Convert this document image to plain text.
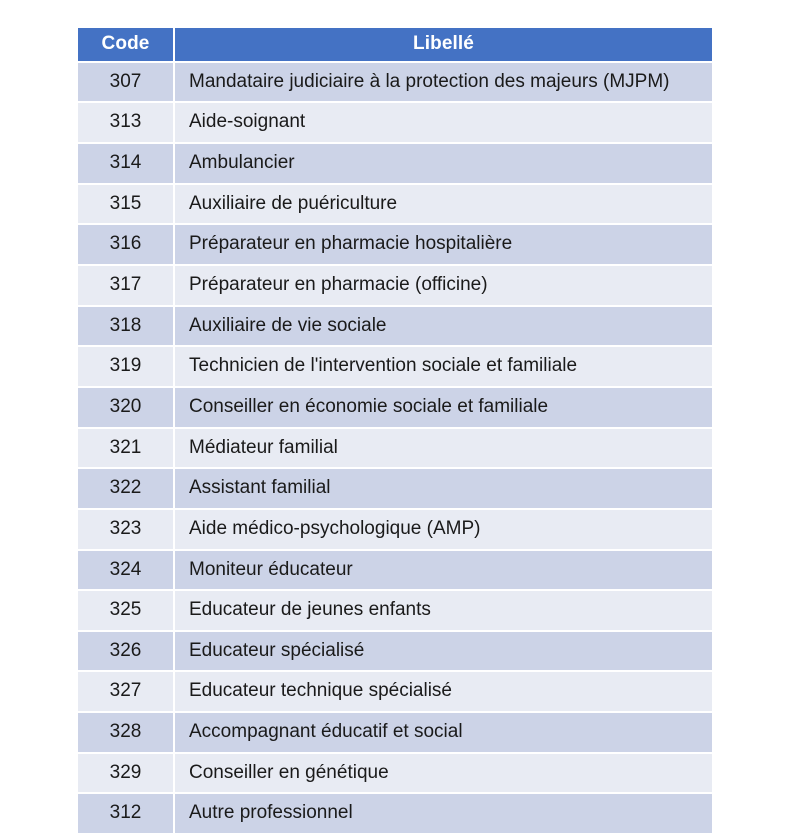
Code	Libellé
307	Mandataire judiciaire à la protection des majeurs (MJPM)
313	Aide-soignant
314	Ambulancier
315	Auxiliaire de puériculture
316	Préparateur en pharmacie hospitalière
317	Préparateur en pharmacie (officine)
318	Auxiliaire de vie sociale
319	Technicien de l'intervention sociale et familiale
320	Conseiller en économie sociale et familiale
321	Médiateur familial
322	Assistant familial
323	Aide médico-psychologique (AMP)
324	Moniteur éducateur
325	Educateur de jeunes enfants
326	Educateur spécialisé
327	Educateur technique spécialisé
328	Accompagnant éducatif et social
329	Conseiller en génétique
312	Autre professionnel
